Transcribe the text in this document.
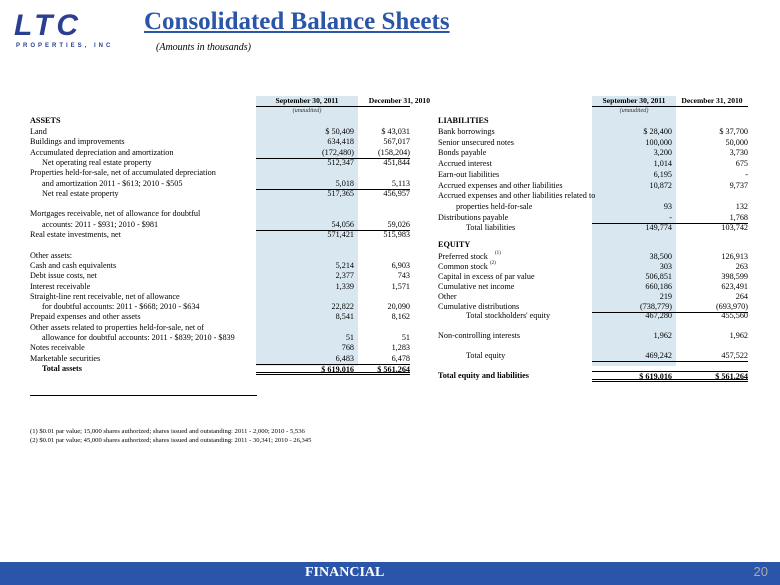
LTC
PROPERTIES, INC
Consolidated Balance Sheets
(Amounts in thousands)
September 30, 2011	December 31, 2010
(unaudited)
ASSETS
Land	$ 50,409	$ 43,031
Buildings and improvements	634,418	567,017
Accumulated depreciation and amortization	(172,480)	(158,204)
Net operating real estate property	512,347	451,844
Properties held-for-sale, net of accumulated depreciation
and amortization 2011 - $613; 2010 - $505	5,018	5,113
Net real estate property	517,365	456,957
Mortgages receivable, net of allowance for doubtful
accounts: 2011 - $931; 2010 - $981	54,056	59,026
Real estate investments, net	571,421	515,983
Other assets:
Cash and cash equivalents	5,214	6,903
Debt issue costs, net	2,377	743
Interest receivable	1,339	1,571
Straight-line rent receivable, net of allowance
for doubtful accounts: 2011 - $668; 2010 - $634	22,822	20,090
Prepaid expenses and other assets	8,541	8,162
Other assets related to properties held-for-sale, net of
allowance for doubtful accounts: 2011 - $839; 2010 - $839	51	51
Notes receivable	768	1,283
Marketable securities	6,483	6,478
Total assets	$ 619,016	$ 561,264
September 30, 2011	December 31, 2010
(unaudited)
LIABILITIES
Bank borrowings	$ 28,400	$ 37,700
Senior unsecured notes	100,000	50,000
Bonds payable	3,200	3,730
Accrued interest	1,014	675
Earn-out liabilities	6,195	-
Accrued expenses and other liabilities	10,872	9,737
Accrued expenses and other liabilities related to
properties held-for-sale	93	132
Distributions payable	-	1,768
Total liabilities	149,774	103,742
EQUITY
Preferred stock (1)	38,500	126,913
Common stock (2)	303	263
Capital in excess of par value	506,851	398,599
Cumulative net income	660,186	623,491
Other	219	264
Cumulative distributions	(738,779)	(693,970)
Total stockholders' equity	467,280	455,560
Non-controlling interests	1,962	1,962
Total equity	469,242	457,522
Total equity and liabilities	$ 619,016	$ 561,264
(1) $0.01 par value; 15,000 shares authorized; shares issued and outstanding: 2011 - 2,000; 2010 - 5,536
(2) $0.01 par value; 45,000 shares authorized; shares issued and outstanding: 2011 - 30,341; 2010 - 26,345
FINANCIAL	20
